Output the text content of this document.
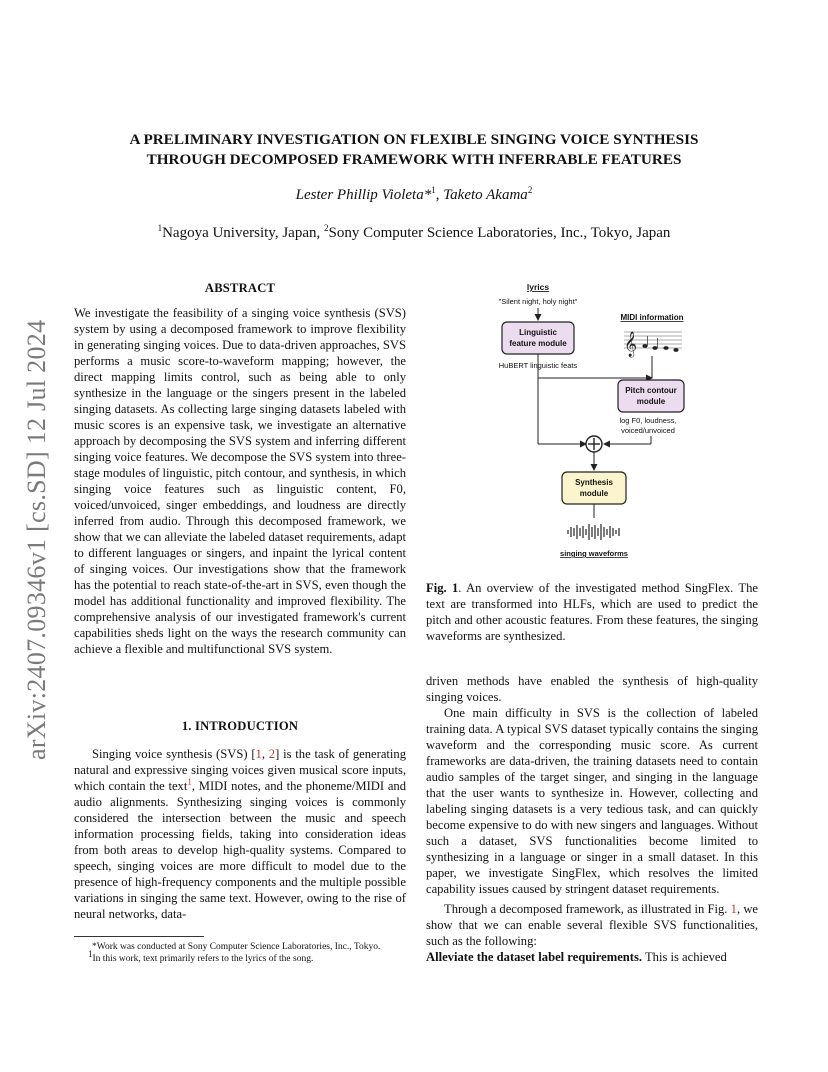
arXiv:2407.09346v1 [cs.SD] 12 Jul 2024
A PRELIMINARY INVESTIGATION ON FLEXIBLE SINGING VOICE SYNTHESIS
THROUGH DECOMPOSED FRAMEWORK WITH INFERRABLE FEATURES
Lester Phillip Violeta*$^1$, Taketo Akama$^2$
$^1$Nagoya University, Japan, $^2$Sony Computer Science Laboratories, Inc., Tokyo, Japan
ABSTRACT

We investigate the feasibility of a singing voice synthesis (SVS) system by using a decomposed framework to improve flexibility in generating singing voices. Due to data-driven approaches, SVS performs a music score-to-waveform mapping; however, the direct mapping limits control, such as being able to only synthesize in the language or the singers present in the labeled singing datasets. As collecting large singing datasets labeled with music scores is an expensive task, we investigate an alternative approach by decomposing the SVS system and inferring different singing voice features. We decompose the SVS system into three-stage modules of linguistic, pitch contour, and synthesis, in which singing voice features such as linguistic content, F0, voiced/unvoiced, singer embeddings, and loudness are directly inferred from audio. Through this decomposed framework, we show that we can alleviate the labeled dataset requirements, adapt to different languages or singers, and inpaint the lyrical content of singing voices. Our investigations show that the framework has the potential to reach state-of-the-art in SVS, even though the model has additional functionality and improved flexibility. The comprehensive analysis of our investigated framework's current capabilities sheds light on the ways the research community can achieve a flexible and multifunctional SVS system.

1. INTRODUCTION

Singing voice synthesis (SVS) [1, 2] is the task of generating natural and expressive singing voices given musical score inputs, which contain the text$^1$, MIDI notes, and the phoneme/MIDI and audio alignments. Synthesizing singing voices is commonly considered the intersection between the music and speech information processing fields, taking into consideration ideas from both areas to develop high-quality systems. Compared to speech, singing voices are more difficult to model due to the presence of high-frequency components and the multiple possible variations in singing the same text. However, owing to the rise of neural networks, data-

*Work was conducted at Sony Computer Science Laboratories, Inc., Tokyo.

$^1$In this work, text primarily refers to the lyrics of the song.

lyrics
"Silent night, holy night"
Linguistic
feature module
MIDI information
𝄞
HuBERT linguistic feats
Pitch contour
module
log F0, loudness,
voiced/unvoiced
Synthesis
module
singing waveforms

Fig. 1. An overview of the investigated method SingFlex. The text are transformed into HLFs, which are used to predict the pitch and other acoustic features. From these features, the singing waveforms are synthesized.

driven methods have enabled the synthesis of high-quality singing voices.

One main difficulty in SVS is the collection of labeled training data. A typical SVS dataset typically contains the singing waveform and the corresponding music score. As current frameworks are data-driven, the training datasets need to contain audio samples of the target singer, and singing in the language that the user wants to synthesize in. However, collecting and labeling singing datasets is a very tedious task, and can quickly become expensive to do with new singers and languages. Without such a dataset, SVS functionalities become limited to synthesizing in a language or singer in a small dataset. In this paper, we investigate SingFlex, which resolves the limited capability issues caused by stringent dataset requirements.

Through a decomposed framework, as illustrated in Fig. 1, we show that we can enable several flexible SVS functionalities, such as the following:

Alleviate the dataset label requirements. This is achieved
